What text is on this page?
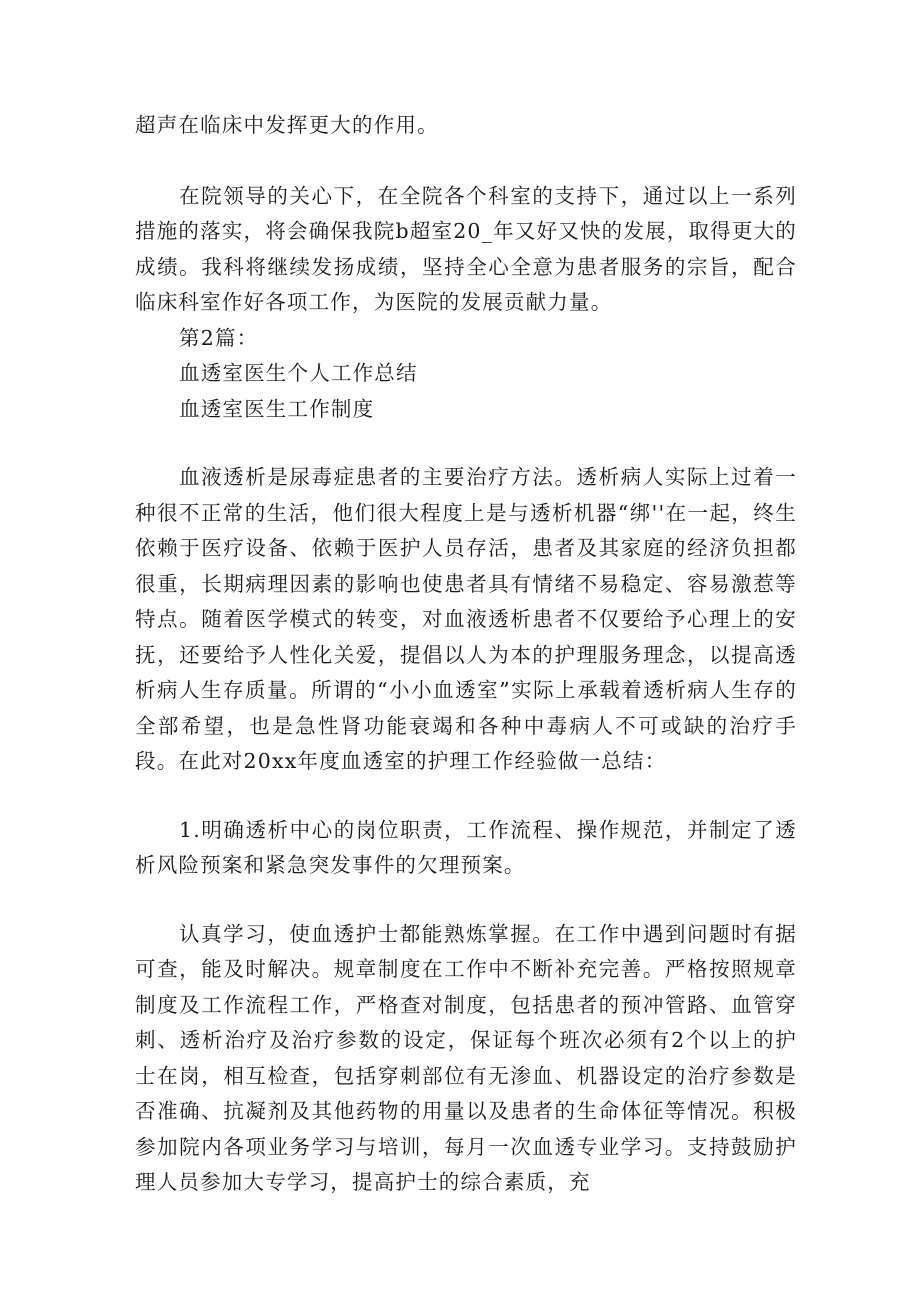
超声在临床中发挥更大的作用。

在院领导的关心下，在全院各个科室的支持下，通过以上一系列措施的落实，将会确保我院b超室20_年又好又快的发展，取得更大的成绩。我科将继续发扬成绩，坚持全心全意为患者服务的宗旨，配合临床科室作好各项工作，为医院的发展贡献力量。

第2篇：
血透室医生个人工作总结
血透室医生工作制度

血液透析是尿毒症患者的主要治疗方法。透析病人实际上过着一种很不正常的生活，他们很大程度上是与透析机器“绑''在一起，终生依赖于医疗设备、依赖于医护人员存活，患者及其家庭的经济负担都很重，长期病理因素的影响也使患者具有情绪不易稳定、容易激惹等特点。随着医学模式的转变，对血液透析患者不仅要给予心理上的安抚，还要给予人性化关爱，提倡以人为本的护理服务理念，以提高透析病人生存质量。所谓的“小小血透室”实际上承载着透析病人生存的全部希望，也是急性肾功能衰竭和各种中毒病人不可或缺的治疗手段。在此对20xx年度血透室的护理工作经验做一总结：

1.明确透析中心的岗位职责，工作流程、操作规范，并制定了透析风险预案和紧急突发事件的欠理预案。

认真学习，使血透护士都能熟炼掌握。在工作中遇到问题时有据可查，能及时解决。规章制度在工作中不断补充完善。严格按照规章制度及工作流程工作，严格查对制度，包括患者的预冲管路、血管穿刺、透析治疗及治疗参数的设定，保证每个班次必须有2个以上的护士在岗，相互检查，包括穿刺部位有无渗血、机器设定的治疗参数是否准确、抗凝剂及其他药物的用量以及患者的生命体征等情况。积极参加院内各项业务学习与培训，每月一次血透专业学习。支持鼓励护理人员参加大专学习，提高护士的综合素质，充
